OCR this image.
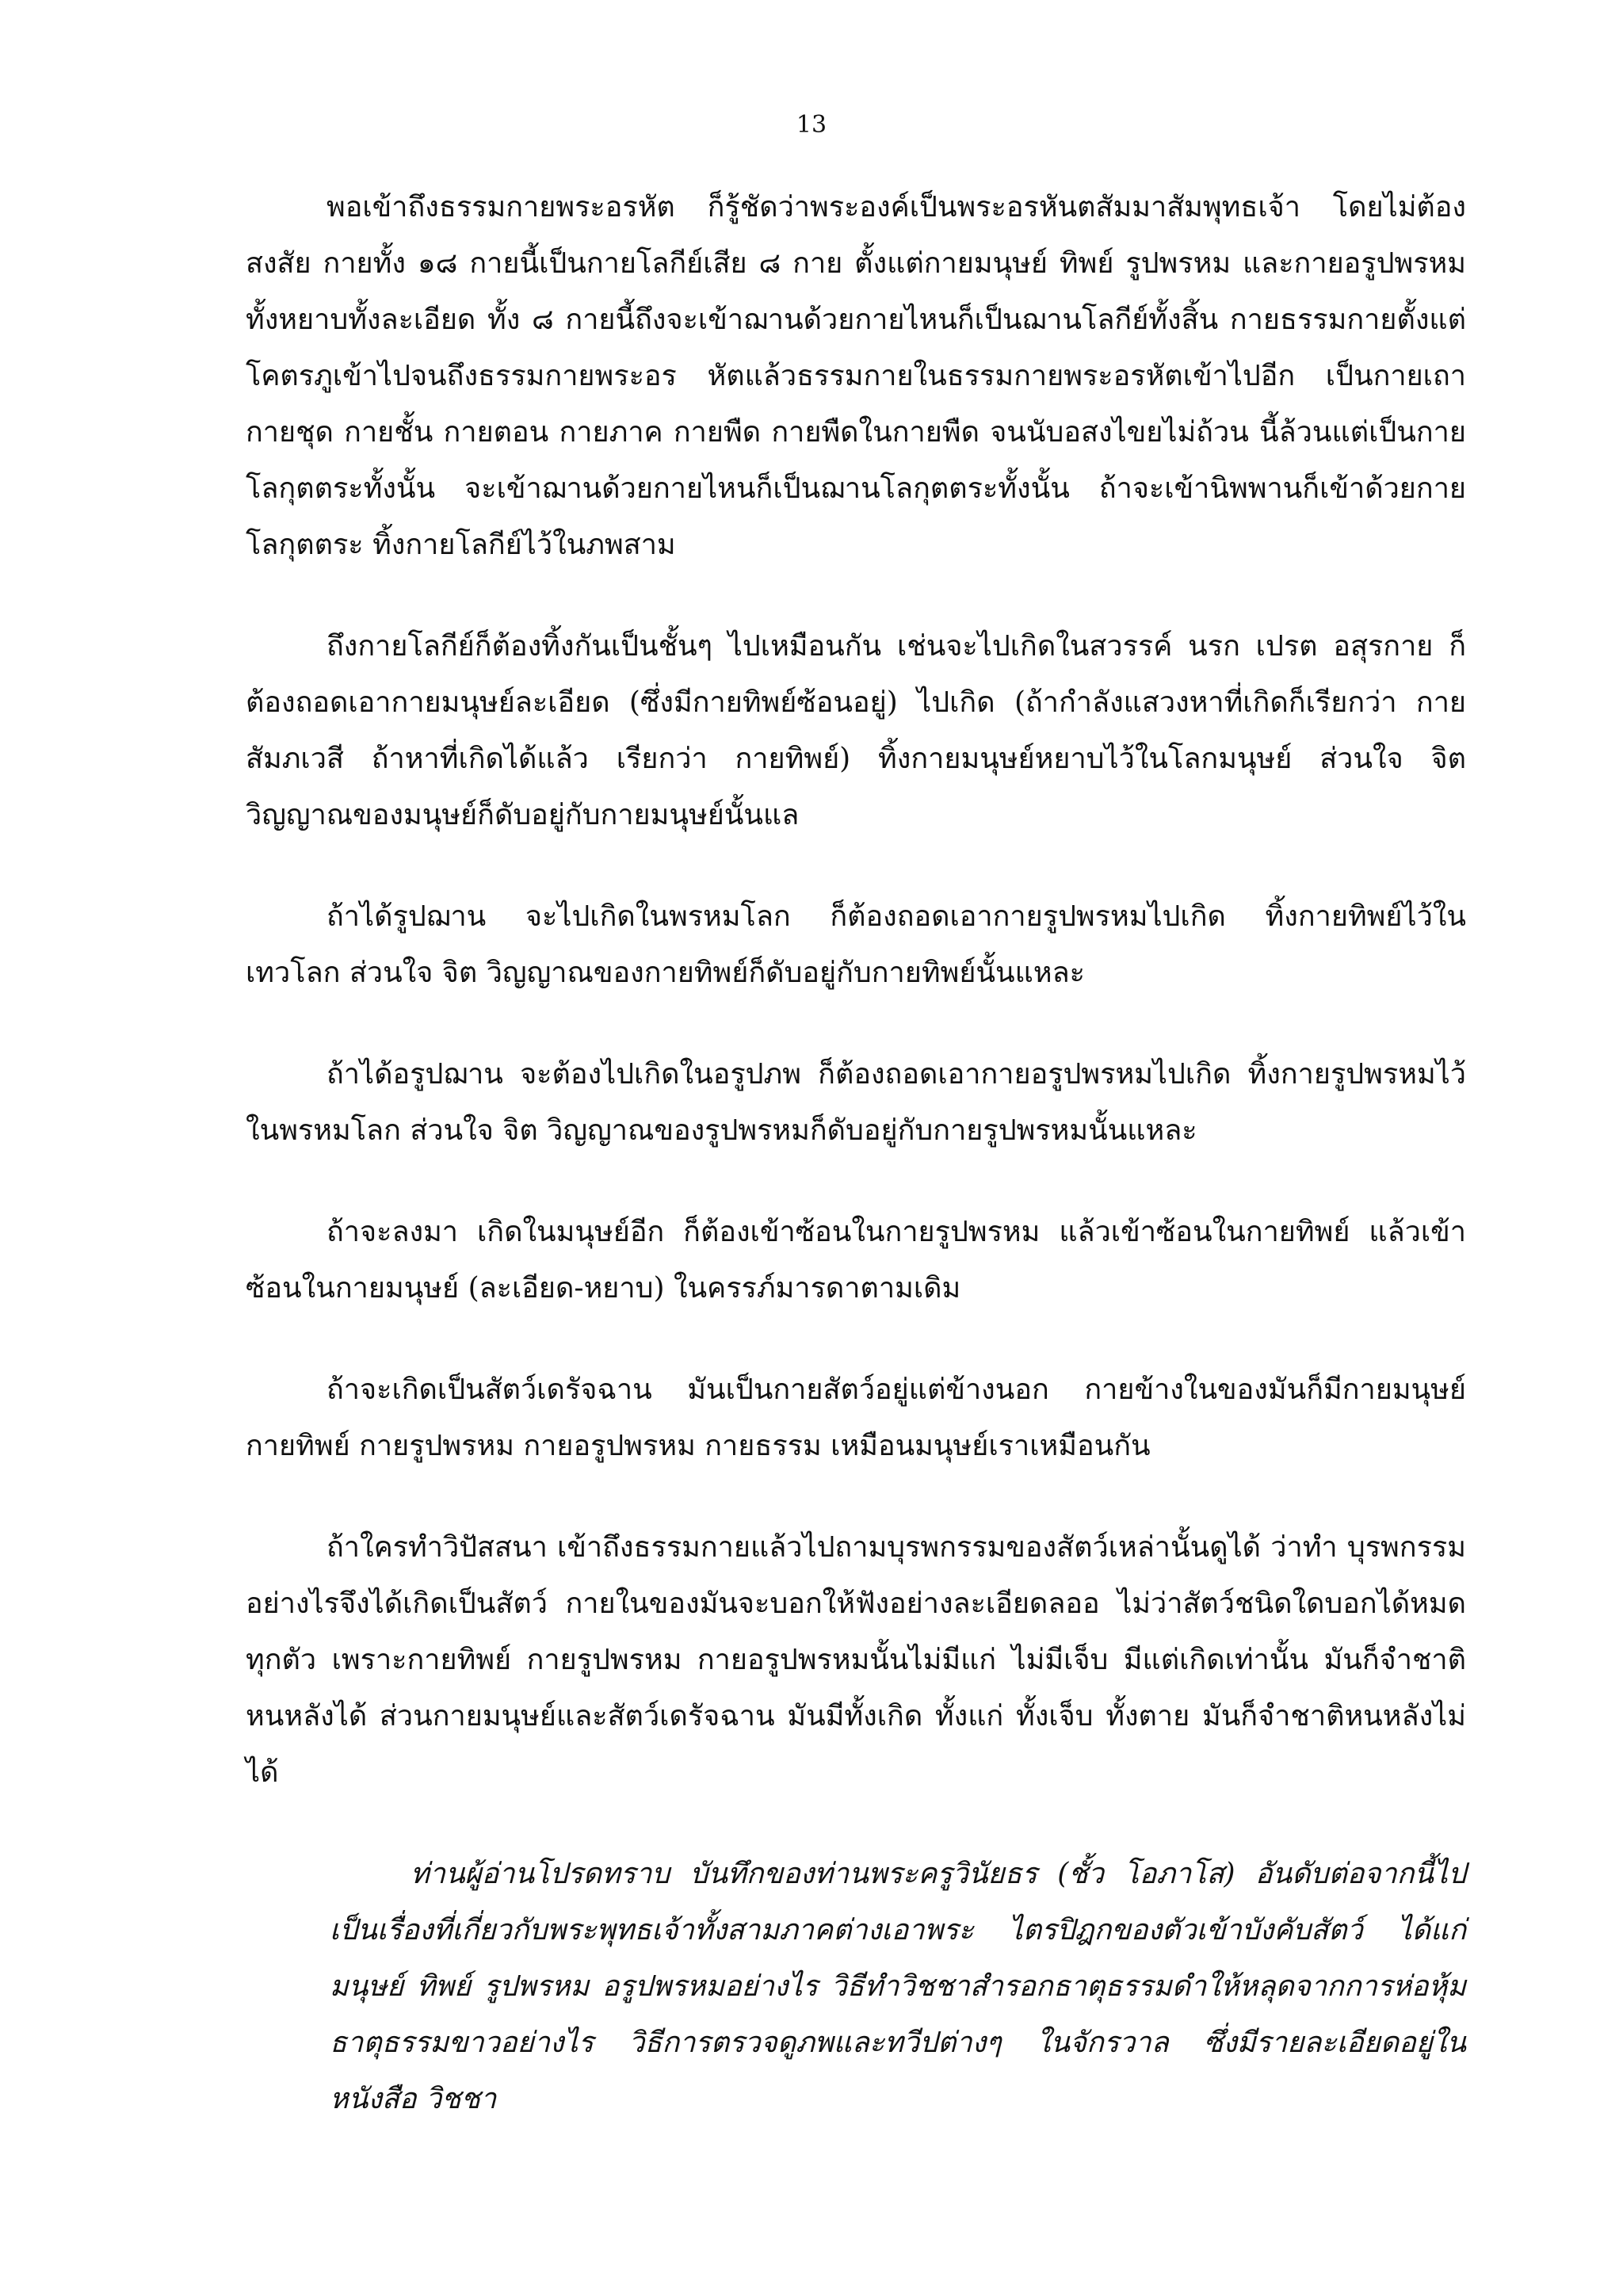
13

พอเข้าถึงธรรมกายพระอรหัต ก็รู้ชัดว่าพระองค์เป็นพระอรหันตสัมมาสัมพุทธเจ้า โดยไม่ต้องสงสัย กายทั้ง ๑๘ กายนี้เป็นกายโลกีย์เสีย ๘ กาย ตั้งแต่กายมนุษย์ ทิพย์ รูปพรหม และกายอรูปพรหม ทั้งหยาบทั้งละเอียด ทั้ง ๘ กายนี้ถึงจะเข้าฌานด้วยกายไหนก็เป็นฌานโลกีย์ทั้งสิ้น กายธรรมกายตั้งแต่โคตรภูเข้าไปจนถึงธรรมกายพระอร หัตแล้วธรรมกายในธรรมกายพระอรหัตเข้าไปอีก เป็นกายเถา กายชุด กายชั้น กายตอน กายภาค กายพืด กายพืดในกายพืด จนนับอสงไขยไม่ถ้วน นี้ล้วนแต่เป็นกายโลกุตตระทั้งนั้น จะเข้าฌานด้วยกายไหนก็เป็นฌานโลกุตตระทั้งนั้น ถ้าจะเข้านิพพานก็เข้าด้วยกายโลกุตตระ ทิ้งกายโลกีย์ไว้ในภพสาม

ถึงกายโลกีย์ก็ต้องทิ้งกันเป็นชั้นๆ ไปเหมือนกัน เช่นจะไปเกิดในสวรรค์ นรก เปรต อสุรกาย ก็ต้องถอดเอากายมนุษย์ละเอียด (ซึ่งมีกายทิพย์ซ้อนอยู่) ไปเกิด (ถ้ากำลังแสวงหาที่เกิดก็เรียกว่า กายสัมภเวสี ถ้าหาที่เกิดได้แล้ว เรียกว่า กายทิพย์) ทิ้งกายมนุษย์หยาบไว้ในโลกมนุษย์ ส่วนใจ จิต วิญญาณของมนุษย์ก็ดับอยู่กับกายมนุษย์นั้นแล

ถ้าได้รูปฌาน จะไปเกิดในพรหมโลก ก็ต้องถอดเอากายรูปพรหมไปเกิด ทิ้งกายทิพย์ไว้ในเทวโลก ส่วนใจ จิต วิญญาณของกายทิพย์ก็ดับอยู่กับกายทิพย์นั้นแหละ

ถ้าได้อรูปฌาน จะต้องไปเกิดในอรูปภพ ก็ต้องถอดเอากายอรูปพรหมไปเกิด ทิ้งกายรูปพรหมไว้ในพรหมโลก ส่วนใจ จิต วิญญาณของรูปพรหมก็ดับอยู่กับกายรูปพรหมนั้นแหละ

ถ้าจะลงมา เกิดในมนุษย์อีก ก็ต้องเข้าซ้อนในกายรูปพรหม แล้วเข้าซ้อนในกายทิพย์ แล้วเข้าซ้อนในกายมนุษย์ (ละเอียด-หยาบ) ในครรภ์มารดาตามเดิม

ถ้าจะเกิดเป็นสัตว์เดรัจฉาน มันเป็นกายสัตว์อยู่แต่ข้างนอก กายข้างในของมันก็มีกายมนุษย์ กายทิพย์ กายรูปพรหม กายอรูปพรหม กายธรรม เหมือนมนุษย์เราเหมือนกัน

ถ้าใครทำวิปัสสนา เข้าถึงธรรมกายแล้วไปถามบุรพกรรมของสัตว์เหล่านั้นดูได้ ว่าทำ บุรพกรรมอย่างไรจึงได้เกิดเป็นสัตว์ กายในของมันจะบอกให้ฟังอย่างละเอียดลออ ไม่ว่าสัตว์ชนิดใดบอกได้หมดทุกตัว เพราะกายทิพย์ กายรูปพรหม กายอรูปพรหมนั้นไม่มีแก่ ไม่มีเจ็บ มีแต่เกิดเท่านั้น มันก็จำชาติหนหลังได้ ส่วนกายมนุษย์และสัตว์เดรัจฉาน มันมีทั้งเกิด ทั้งแก่ ทั้งเจ็บ ทั้งตาย มันก็จำชาติหนหลังไม่ได้

ท่านผู้อ่านโปรดทราบ บันทึกของท่านพระครูวินัยธร (ชั้ว โอภาโส) อันดับต่อจากนี้ไปเป็นเรื่องที่เกี่ยวกับพระพุทธเจ้าทั้งสามภาคต่างเอาพระ ไตรปิฎกของตัวเข้าบังคับสัตว์ ได้แก่ มนุษย์ ทิพย์ รูปพรหม อรูปพรหมอย่างไร วิธีทำวิชชาสำรอกธาตุธรรมดำให้หลุดจากการห่อหุ้มธาตุธรรมขาวอย่างไร วิธีการตรวจดูภพและทวีปต่างๆ ในจักรวาล ซึ่งมีรายละเอียดอยู่ในหนังสือ วิชชา
